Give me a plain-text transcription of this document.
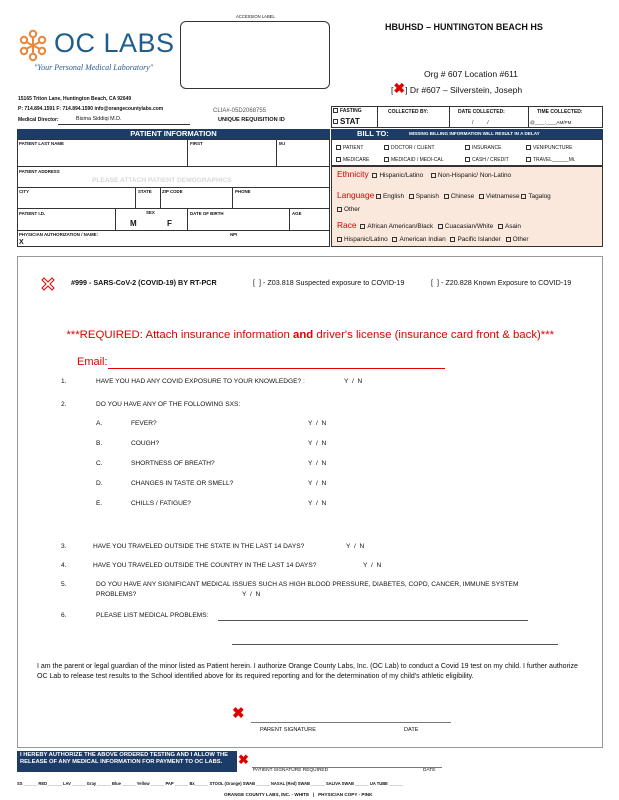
OC LABS
"Your Personal Medical Laboratory"
ACCESSION LABEL
HBUHSD – HUNTINGTON BEACH HS
Org # 607 Location #611
[✖] Dr #607 – Silverstein, Joseph
15165 Triton Lane, Huntington Beach, CA 92649
P: 714.894.1591 F: 714.894.1590 info@orangecountylabs.com
Medical Director:	Bisma Siddiqi M.D.
CLIA#-05D2068755
UNIQUE REQUISITION ID
FASTING
STAT
COLLECTED BY:	DATE COLLECTED:
/          /
TIME COLLECTED:
@____:____AM/PM
PATIENT INFORMATION
PATIENT LAST NAME	FIRST	M.I
PATIENT ADDRESS
PLEASE ATTACH PATIENT DEMOGRAPHICS
CITY	STATE ZIP CODE	PHONE
PATIENT I.D.	SEX
M	F
DATE OF BIRTH	AGE
PHYSICIAN AUTHORIZATION / NAME:	NPI
X
BILL TO:	MISSING BILLING INFORMATION WILL RESULT IN A DELAY
PATIENT	DOCTOR / CLIENT	INSURANCE	VENIPUNCTURE
MEDICARE	MEDICAID / MEDI-CAL	CASH / CREDIT	TRAVEL______Mi.
Ethnicity Hispanic/Latino Non-Hispanic/ Non-Latino
Language English Spanish Chinese Vietnamese Tagalog
Other
Race African American/Black Cuacasian/White Asain
Hispanic/Latino American Indian Pacific Islander Other
#999 - SARS-CoV-2 (COVID-19) BY RT-PCR	[  ] - Z03.818 Suspected exposure to COVID-19	[  ] - Z20.828 Known Exposure to COVID-19

***REQUIRED: Attach insurance information and driver's license (insurance card front & back)***

Email:
1.	HAVE YOU HAD ANY COVID EXPOSURE TO YOUR KNOWLEDGE? :	Y  /  N
2.	DO YOU HAVE ANY OF THE FOLLOWING SXS:
A.	FEVER?	Y  /  N
B.	COUGH?	Y  /  N
C.	SHORTNESS OF BREATH?	Y  /  N
D.	CHANGES IN TASTE OR SMELL?	Y  /  N
E.	CHILLS / FATIGUE?	Y  /  N
3.	HAVE YOU TRAVELED OUTSIDE THE STATE IN THE LAST 14 DAYS?	Y  /  N
4.	HAVE YOU TRAVELED OUTSIDE THE COUNTRY IN THE LAST 14 DAYS?	Y  /  N
5.	DO YOU HAVE ANY SIGNIFICANT MEDICAL ISSUES SUCH AS HIGH BLOOD PRESSURE, DIABETES, COPD, CANCER, IMMUNE SYSTEM
PROBLEMS?	Y  /  N
6.	PLEASE LIST MEDICAL PROBLEMS:
I am the parent or legal guardian of the minor listed as Patient herein. I authorize Orange County Labs, Inc. (OC Lab) to conduct a Covid 19 test on my child. I further authorize OC Lab to release test results to the School identified above for its required reporting and for the determination of my child's athletic eligibility.
✖
PARENT SIGNATURE	DATE
I HEREBY AUTHORIZE THE ABOVE ORDERED TESTING AND I ALLOW THE RELEASE OF ANY MEDICAL INFORMATION FOR PAYMENT TO OC LABS.	✖
PATIENT SIGNATURE REQUIRED	DATE
SS ______ RED ______ LAV ______ Gray ______ Blue ______ Yellow ______ PAP ______ Bx______ STOOL (Orange) SWAB ______ NASAL (Red) SWAB ______ SALIVA SWAB ______ UA TUBE ______
ORANGE COUNTY LABS, INC. - WHITE   |   PHYSICIAN COPY - PINK
